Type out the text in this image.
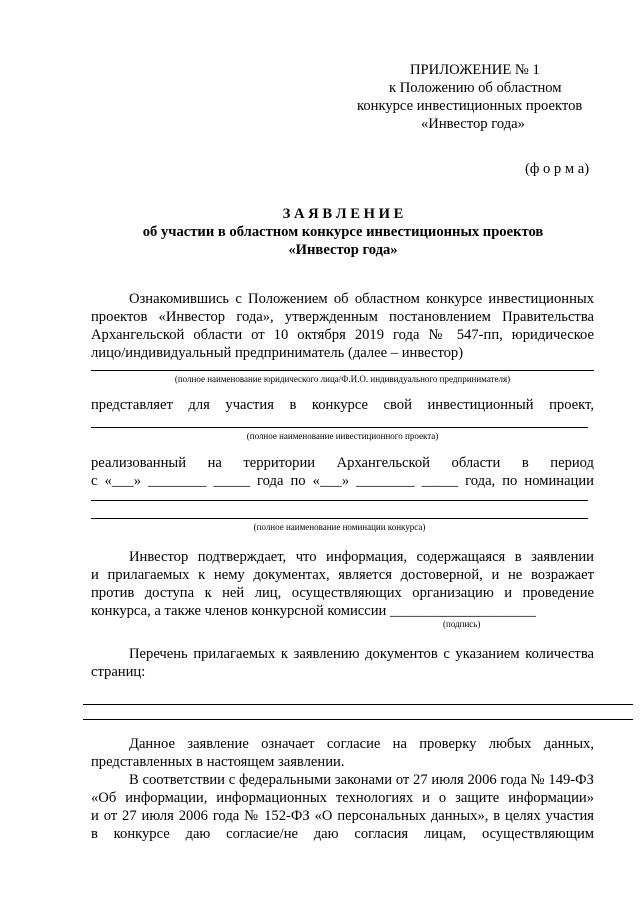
ПРИЛОЖЕНИЕ № 1
к Положению об областном
конкурсе инвестиционных проектов
«Инвестор года»
(ф о р м а)
З А Я В Л Е Н И Е
об участии в областном конкурсе инвестиционных проектов
«Инвестор года»
Ознакомившись с Положением об областном конкурсе инвестиционных
проектов «Инвестор года», утвержденным постановлением Правительства
Архангельской области от 10 октября 2019 года № 547-пп, юридическое
лицо/индивидуальный предприниматель (далее – инвестор)
(полное наименование юридического лица/Ф.И.О. индивидуального предпринимателя)
представляет для участия в конкурсе свой инвестиционный проект,
(полное наименование инвестиционного проекта)
реализованный на территории Архангельской области в период
с «___» ________ _____ года по «___» ________ _____ года, по номинации
(полное наименование номинации конкурса)
Инвестор подтверждает, что информация, содержащаяся в заявлении
и прилагаемых к нему документах, является достоверной, и не возражает
против доступа к ней лиц, осуществляющих организацию и проведение
конкурса, а также членов конкурсной комиссии ____________________
(подпись)
Перечень прилагаемых к заявлению документов с указанием количества
страниц:
Данное заявление означает согласие на проверку любых данных,
представленных в настоящем заявлении.
В соответствии с федеральными законами от 27 июля 2006 года № 149-ФЗ
«Об информации, информационных технологиях и о защите информации»
и от 27 июля 2006 года № 152-ФЗ «О персональных данных», в целях участия
в конкурсе даю согласие/не даю согласия лицам, осуществляющим
